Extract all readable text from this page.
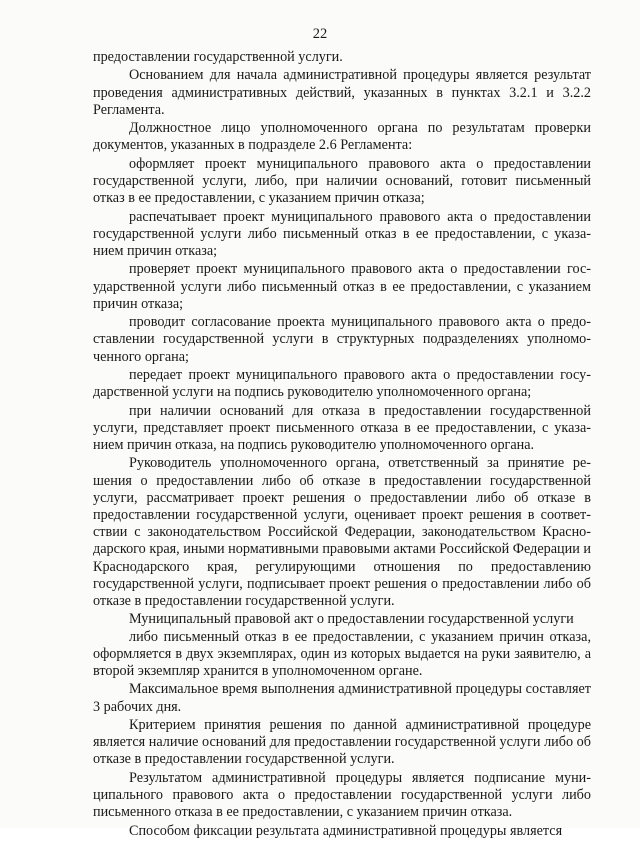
22

предоставлении государственной услуги.

Основанием для начала административной процедуры является результат проведения административных действий, указанных в пунктах 3.2.1 и 3.2.2 Регламента.

Должностное лицо уполномоченного органа по результатам проверки документов, указанных в подразделе 2.6 Регламента:

оформляет проект муниципального правового акта о предоставлении государственной услуги, либо, при наличии оснований, готовит письменный отказ в ее предоставлении, с указанием причин отказа;

распечатывает проект муниципального правового акта о предоставлении государственной услуги либо письменный отказ в ее предоставлении, с указанием причин отказа;

проверяет проект муниципального правового акта о предоставлении государственной услуги либо письменный отказ в ее предоставлении, с указанием причин отказа;

проводит согласование проекта муниципального правового акта о предоставлении государственной услуги в структурных подразделениях уполномоченного органа;

передает проект муниципального правового акта о предоставлении государственной услуги на подпись руководителю уполномоченного органа;

при наличии оснований для отказа в предоставлении государственной услуги, представляет проект письменного отказа в ее предоставлении, с указанием причин отказа, на подпись руководителю уполномоченного органа.

Руководитель уполномоченного органа, ответственный за принятие решения о предоставлении либо об отказе в предоставлении государственной услуги, рассматривает проект решения о предоставлении либо об отказе в предоставлении государственной услуги, оценивает проект решения в соответствии с законодательством Российской Федерации, законодательством Краснодарского края, иными нормативными правовыми актами Российской Федерации и Краснодарского края, регулирующими отношения по предоставлению государственной услуги, подписывает проект решения о предоставлении либо об отказе в предоставлении государственной услуги.

Муниципальный правовой акт о предоставлении государственной услуги

либо письменный отказ в ее предоставлении, с указанием причин отказа, оформляется в двух экземплярах, один из которых выдается на руки заявителю, а второй экземпляр хранится в уполномоченном органе.

Максимальное время выполнения административной процедуры составляет 3 рабочих дня.

Критерием принятия решения по данной административной процедуре является наличие оснований для предоставлении государственной услуги либо об отказе в предоставлении государственной услуги.

Результатом административной процедуры является подписание муниципального правового акта о предоставлении государственной услуги либо письменного отказа в ее предоставлении, с указанием причин отказа.

Способом фиксации результата административной процедуры является
